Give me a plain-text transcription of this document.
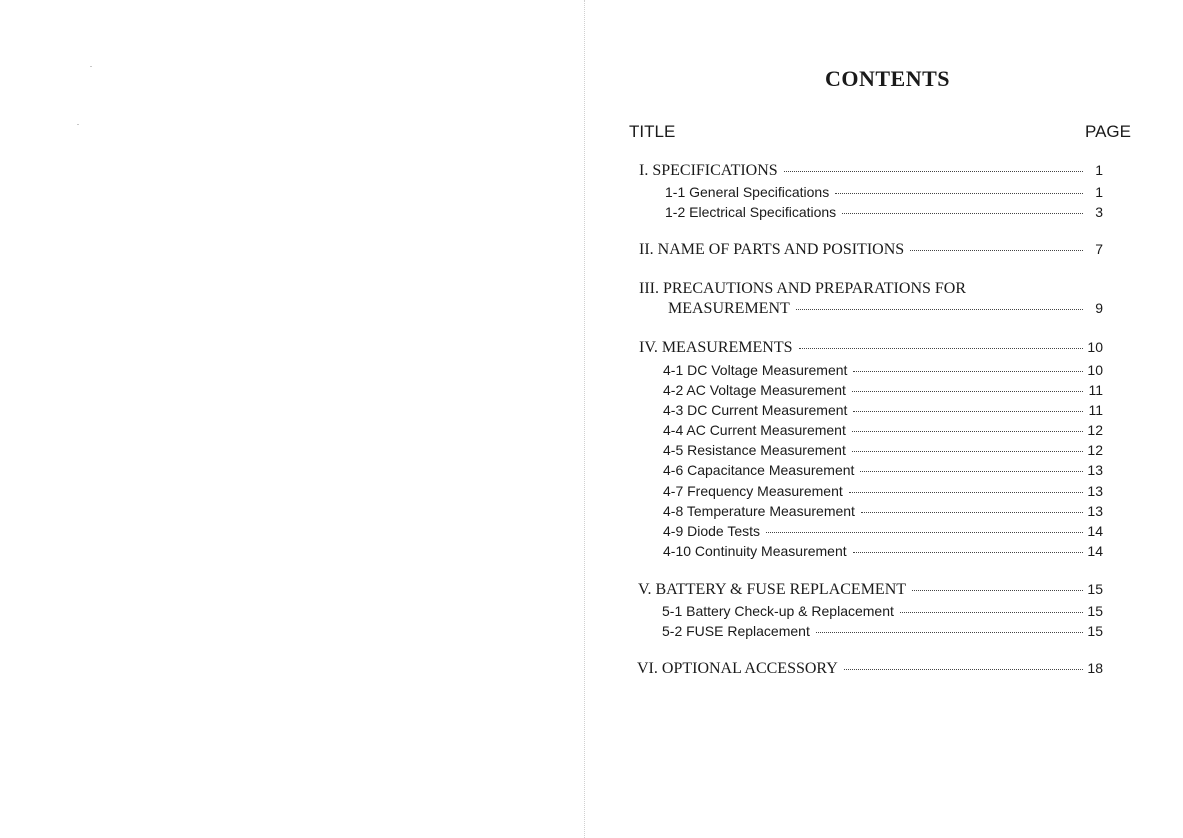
CONTENTS
TITLE	PAGE
I. SPECIFICATIONS	1
1-1 General Specifications	1
1-2 Electrical Specifications	3
II. NAME OF PARTS AND POSITIONS	7
III. PRECAUTIONS AND PREPARATIONS FOR
MEASUREMENT	9
IV. MEASUREMENTS	10
4-1 DC Voltage Measurement	10
4-2 AC Voltage Measurement	11
4-3 DC Current Measurement	11
4-4 AC Current Measurement	12
4-5 Resistance Measurement	12
4-6 Capacitance Measurement	13
4-7 Frequency Measurement	13
4-8 Temperature Measurement	13
4-9 Diode Tests	14
4-10 Continuity Measurement	14
V. BATTERY & FUSE REPLACEMENT	15
5-1 Battery Check-up & Replacement	15
5-2 FUSE Replacement	15
VI. OPTIONAL ACCESSORY	18
